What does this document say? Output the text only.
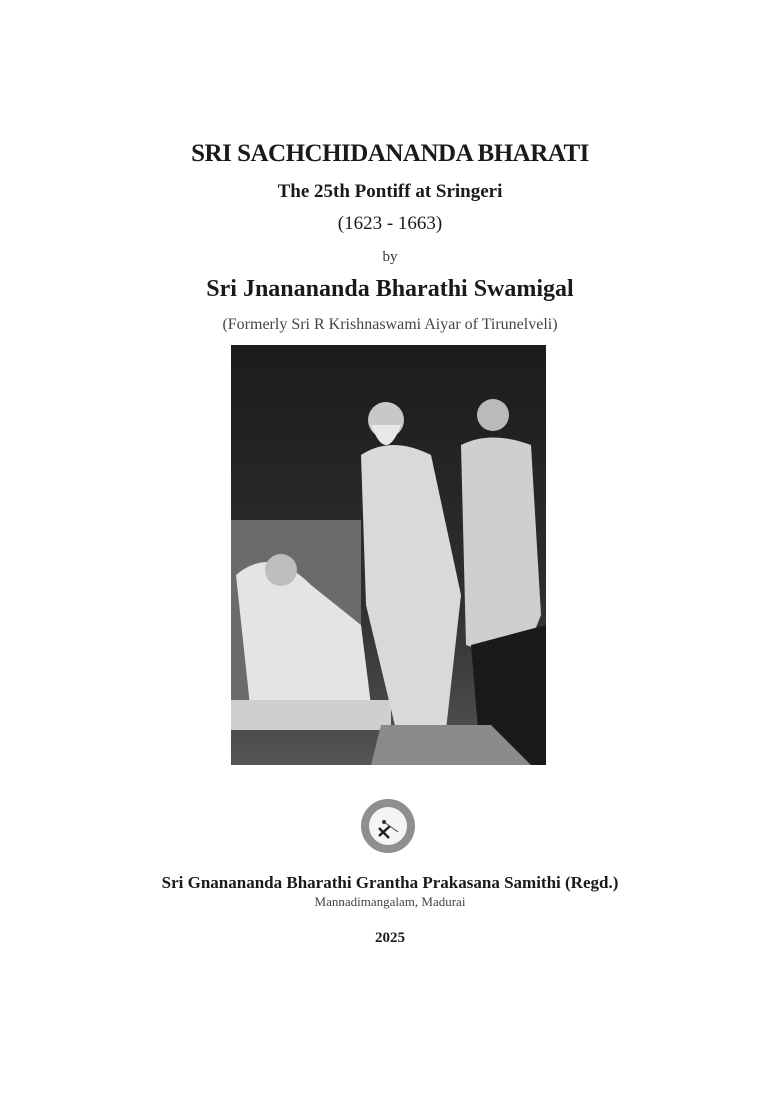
SRI SACHCHIDANANDA BHARATI
The 25th Pontiff at Sringeri
(1623 - 1663)
by
Sri Jnanananda Bharathi Swamigal
(Formerly Sri R Krishnaswami Aiyar of Tirunelveli)
Sri Gnanananda Bharathi Grantha Prakasana Samithi (Regd.)
Mannadimangalam, Madurai
2025
